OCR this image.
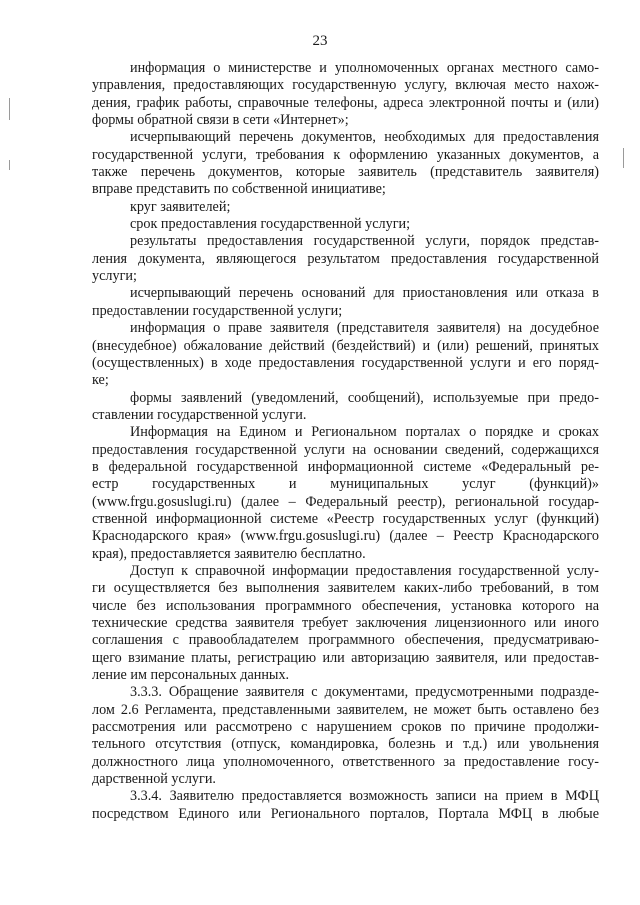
23

информация о министерстве и уполномоченных органах местного само-
управления, предоставляющих государственную услугу, включая место нахож-
дения, график работы, справочные телефоны, адреса электронной почты и (или)
формы обратной связи в сети «Интернет»;

исчерпывающий перечень документов, необходимых для предоставления
государственной услуги, требования к оформлению указанных документов, а
также перечень документов, которые заявитель (представитель заявителя)
вправе представить по собственной инициативе;

круг заявителей;

срок предоставления государственной услуги;

результаты предоставления государственной услуги, порядок представ-
ления документа, являющегося результатом предоставления государственной
услуги;

исчерпывающий перечень оснований для приостановления или отказа в
предоставлении государственной услуги;

информация о праве заявителя (представителя заявителя) на досудебное
(внесудебное) обжалование действий (бездействий) и (или) решений, принятых
(осуществленных) в ходе предоставления государственной услуги и его поряд-
ке;

формы заявлений (уведомлений, сообщений), используемые при предо-
ставлении государственной услуги.

Информация на Едином и Региональном порталах о порядке и сроках
предоставления государственной услуги на основании сведений, содержащихся
в федеральной государственной информационной системе «Федеральный ре-
естр государственных и муниципальных услуг (функций)»
(www.frgu.gosuslugi.ru) (далее – Федеральный реестр), региональной государ-
ственной информационной системе «Реестр государственных услуг (функций)
Краснодарского края» (www.frgu.gosuslugi.ru) (далее – Реестр Краснодарского
края), предоставляется заявителю бесплатно.

Доступ к справочной информации предоставления государственной услу-
ги осуществляется без выполнения заявителем каких-либо требований, в том
числе без использования программного обеспечения, установка которого на
технические средства заявителя требует заключения лицензионного или иного
соглашения с правообладателем программного обеспечения, предусматриваю-
щего взимание платы, регистрацию или авторизацию заявителя, или предостав-
ление им персональных данных.

3.3.3. Обращение заявителя с документами, предусмотренными подразде-
лом 2.6 Регламента, представленными заявителем, не может быть оставлено без
рассмотрения или рассмотрено с нарушением сроков по причине продолжи-
тельного отсутствия (отпуск, командировка, болезнь и т.д.) или увольнения
должностного лица уполномоченного, ответственного за предоставление госу-
дарственной услуги.

3.3.4. Заявителю предоставляется возможность записи на прием в МФЦ
посредством Единого или Регионального порталов, Портала МФЦ в любые
